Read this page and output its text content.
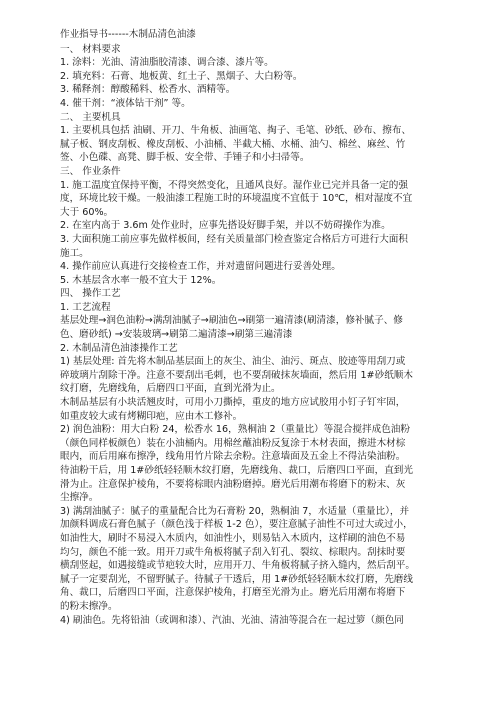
作业指导书------木制品清色油漆
一、 材料要求
1. 涂料：光油、清油脂胶清漆、调合漆、漆片等。
2. 填充料：石膏、地板黄、红土子、黑烟子、大白粉等。
3. 稀释剂：醇酸稀料、松香水、酒精等。
4. 催干剂：“液体钻干剂” 等。
二、 主要机具
1. 主要机具包括 油刷、开刀、牛角板、油画笔、掏子、毛笔、砂纸、砂布、擦布、
腻子板、钢皮刮板、橡皮刮板、小油桶、半截大桶、水桶、油勺、棉丝、麻丝、竹
签、小色碟、高凳、脚手板、安全带、手锤子和小扫帚等。
三、 作业条件
1. 施工温度宜保持平衡，不得突然变化，且通风良好。湿作业已完并具备一定的强
度，环境比较干燥。一般油漆工程施工时的环境温度不宜低于 10℃，相对湿度不宜
大于 60%。
2. 在室内高于 3.6m 处作业时，应事先搭设好脚手架，并以不妨碍操作为准。
3. 大面积施工前应事先做样板间，经有关质量部门检查鉴定合格后方可进行大面积
施工。
4. 操作前应认真进行交接检查工作，并对遗留问题进行妥善处理。
5. 木基层含水率一般不宜大于 12%。
四、 操作工艺
1. 工艺流程
基层处理→润色油粉→满刮油腻子→刷油色→刷第一遍清漆(刷清漆，修补腻子、修
色、磨砂纸) →安装玻璃→刷第二遍清漆→刷第三遍清漆
2. 木制品清色油漆操作工艺
1) 基层处理: 首先将木制品基层面上的灰尘、油尘、油污、斑点、胶迹等用刮刀或
碎玻璃片刮除干净。注意不要刮出毛刺，也不要刮破抹灰墙面，然后用 1#砂纸顺木
纹打磨，先磨线角，后磨四口平面，直到光滑为止。
木制品基层有小块活翘皮时，可用小刀撕掉，重皮的地方应试胶用小钉子钉牢固，
如重皮较大或有烤糊印疤，应由木工修补。
2) 润色油粉：用大白粉 24，松香水 16，熟桐油 2（重量比）等混合搅拌成色油粉
（颜色同样板颜色）装在小油桶内。用棉丝蘸油粉反复涂于木材表面，擦进木材棕
眼内，而后用麻布擦净，线角用竹片除去余粉。注意墙面及五金上不得沾染油粉。
待油粉干后，用 1#砂纸轻轻顺木纹打磨，先磨线角、裁口，后磨四口平面，直到光
滑为止。注意保护棱角，不要将棕眼内油粉磨掉。磨光后用潮布将磨下的粉末、灰
尘擦净。
3) 满刮油腻子：腻子的重量配合比为石膏粉 20，熟桐油 7，水适量（重量比），并
加颜料调成石膏色腻子（颜色浅于样板 1-2 色），要注意腻子油性不可过大或过小，
如油性大，刷时不易浸入木质内，如油性小，则易钻入木质内，这样刷的油色不易
均匀，颜色不能一致。用开刀或牛角板将腻子刮入钉孔、裂纹、棕眼内。刮抹时要
横刮竖起，如遇接缝或节疤较大时，应用开刀、牛角板将腻子挤入缝内，然后刮平。
腻子一定要刮光，不留野腻子。待腻子干透后，用 1#砂纸轻轻顺木纹打磨，先磨线
角、裁口，后磨四口平面，注意保护棱角，打磨至光滑为止。磨光后用潮布将磨下
的粉末擦净。
4) 刷油色。先将铅油（或调和漆）、汽油、光油、清油等混合在一起过箩（颜色同
